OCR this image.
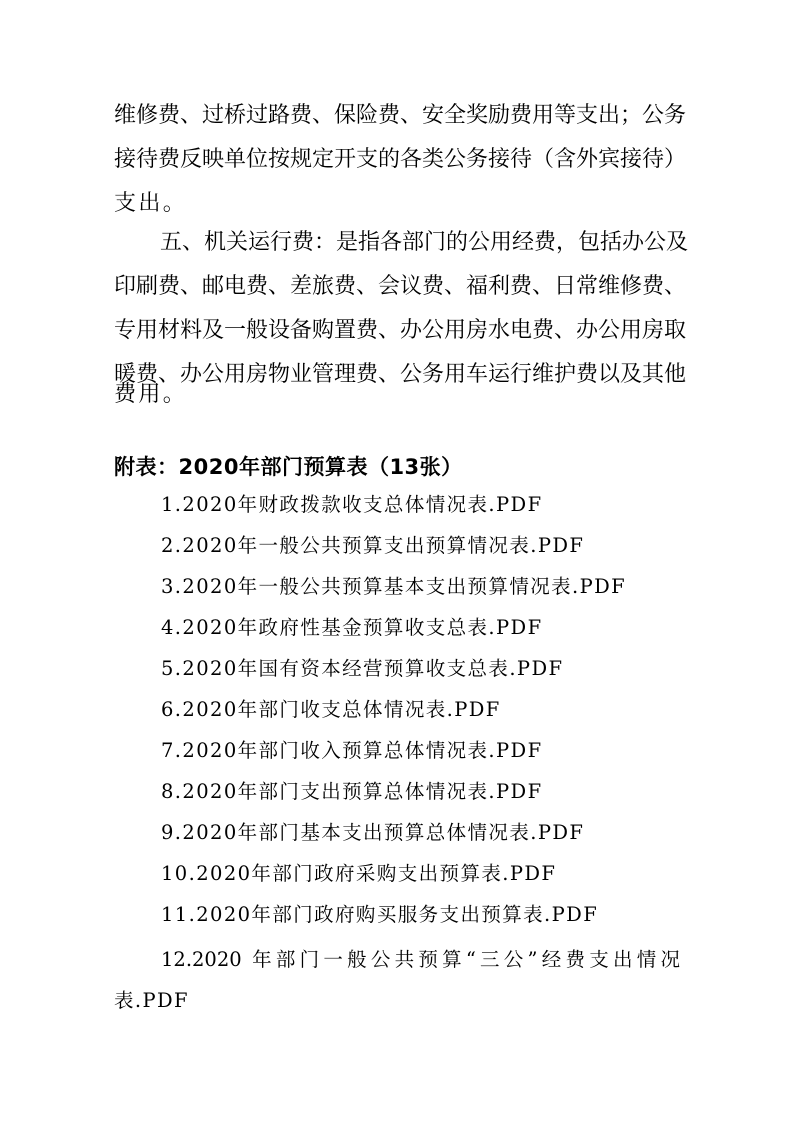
维修费、过桥过路费、保险费、安全奖励费用等支出；公务
接待费反映单位按规定开支的各类公务接待（含外宾接待）
支出。
五、机关运行费：是指各部门的公用经费，包括办公及
印刷费、邮电费、差旅费、会议费、福利费、日常维修费、
专用材料及一般设备购置费、办公用房水电费、办公用房取
暖费、办公用房物业管理费、公务用车运行维护费以及其他
费用。
附表：2020年部门预算表（13张）
1.2020年财政拨款收支总体情况表.PDF
2.2020年一般公共预算支出预算情况表.PDF
3.2020年一般公共预算基本支出预算情况表.PDF
4.2020年政府性基金预算收支总表.PDF
5.2020年国有资本经营预算收支总表.PDF
6.2020年部门收支总体情况表.PDF
7.2020年部门收入预算总体情况表.PDF
8.2020年部门支出预算总体情况表.PDF
9.2020年部门基本支出预算总体情况表.PDF
10.2020年部门政府采购支出预算表.PDF
11.2020年部门政府购买服务支出预算表.PDF
12.2020 年部门一般公共预算“三公”经费支出情况
表.PDF
